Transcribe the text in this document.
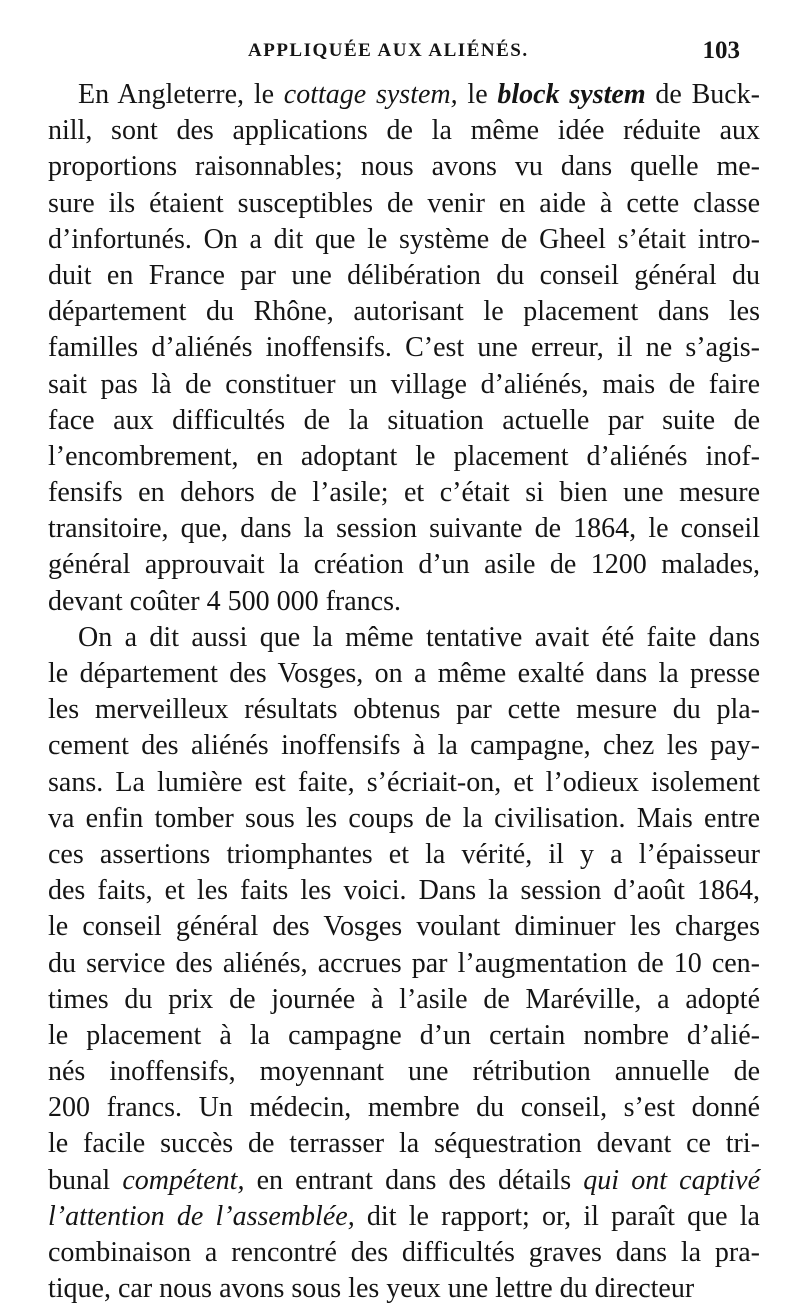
APPLIQUÉE AUX ALIÉNÉS.	103
En Angleterre, le cottage system, le block system de Buck-
nill, sont des applications de la même idée réduite aux
proportions raisonnables; nous avons vu dans quelle me-
sure ils étaient susceptibles de venir en aide à cette classe
d’infortunés. On a dit que le système de Gheel s’était intro-
duit en France par une délibération du conseil général du
département du Rhône, autorisant le placement dans les
familles d’aliénés inoffensifs. C’est une erreur, il ne s’agis-
sait pas là de constituer un village d’aliénés, mais de faire
face aux difficultés de la situation actuelle par suite de
l’encombrement, en adoptant le placement d’aliénés inof-
fensifs en dehors de l’asile; et c’était si bien une mesure
transitoire, que, dans la session suivante de 1864, le conseil
général approuvait la création d’un asile de 1200 malades,
devant coûter 4 500 000 francs.
On a dit aussi que la même tentative avait été faite dans
le département des Vosges, on a même exalté dans la presse
les merveilleux résultats obtenus par cette mesure du pla-
cement des aliénés inoffensifs à la campagne, chez les pay-
sans. La lumière est faite, s’écriait-on, et l’odieux isolement
va enfin tomber sous les coups de la civilisation. Mais entre
ces assertions triomphantes et la vérité, il y a l’épaisseur
des faits, et les faits les voici. Dans la session d’août 1864,
le conseil général des Vosges voulant diminuer les charges
du service des aliénés, accrues par l’augmentation de 10 cen-
times du prix de journée à l’asile de Maréville, a adopté
le placement à la campagne d’un certain nombre d’alié-
nés inoffensifs, moyennant une rétribution annuelle de
200 francs. Un médecin, membre du conseil, s’est donné
le facile succès de terrasser la séquestration devant ce tri-
bunal compétent, en entrant dans des détails qui ont captivé
l’attention de l’assemblée, dit le rapport; or, il paraît que la
combinaison a rencontré des difficultés graves dans la pra-
tique, car nous avons sous les yeux une lettre du directeur
